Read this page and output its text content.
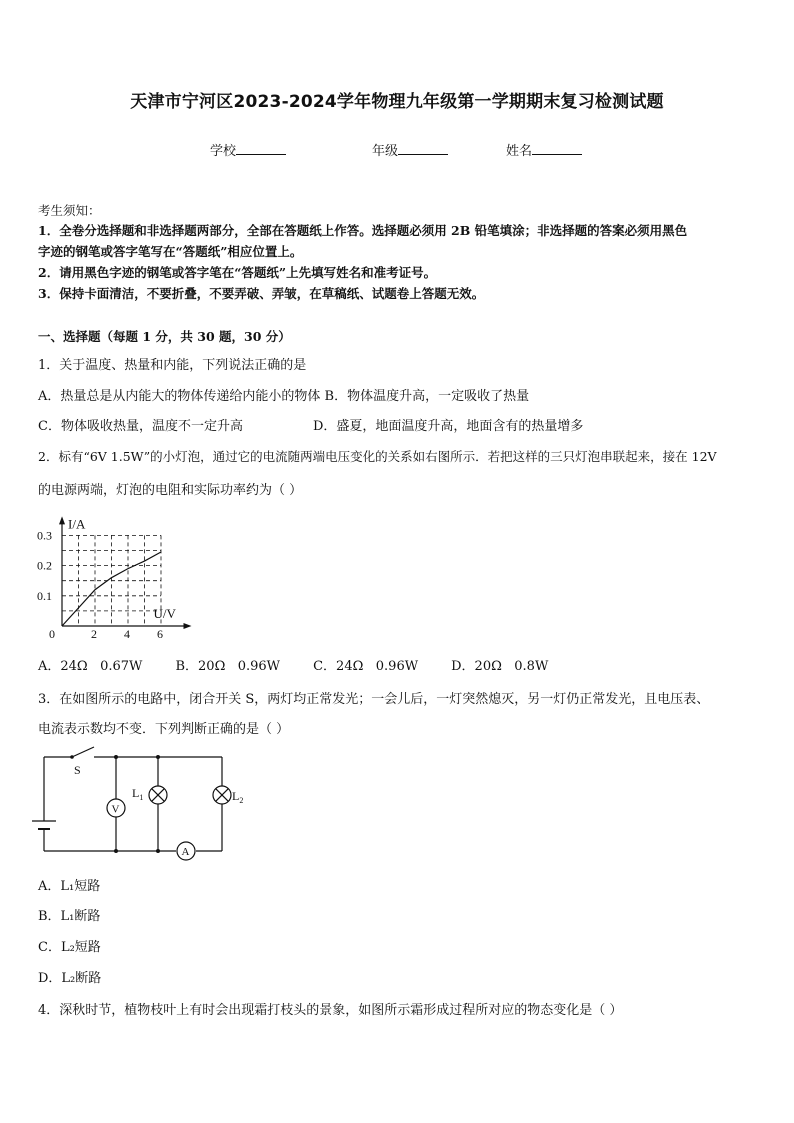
天津市宁河区2023-2024学年物理九年级第一学期期末复习检测试题
学校	年级	姓名
考生须知：
1．全卷分选择题和非选择题两部分，全部在答题纸上作答。选择题必须用 2B 铅笔填涂；非选择题的答案必须用黑色
字迹的钢笔或答字笔写在“答题纸”相应位置上。
2．请用黑色字迹的钢笔或答字笔在“答题纸”上先填写姓名和准考证号。
3．保持卡面清洁，不要折叠，不要弄破、弄皱，在草稿纸、试题卷上答题无效。
一、选择题（每题 1 分，共 30 题，30 分）
1．关于温度、热量和内能，下列说法正确的是
A．热量总是从内能大的物体传递给内能小的物体 B．物体温度升高，一定吸收了热量
C．物体吸收热量，温度不一定升高	D．盛夏，地面温度升高，地面含有的热量增多
2．标有“6V 1.5W”的小灯泡，通过它的电流随两端电压变化的关系如右图所示．若把这样的三只灯泡串联起来，接在 12V
的电源两端，灯泡的电阻和实际功率约为（ ）
2 4 6
0.1
0.2
0.3
0
I/A
U/V
A．24Ω   0.67W        B．20Ω   0.96W        C．24Ω   0.96W        D．20Ω   0.8W
3．在如图所示的电路中，闭合开关 S，两灯均正常发光；一会儿后，一灯突然熄灭，另一灯仍正常发光，且电压表、
电流表示数均不变．下列判断正确的是（ ）
S
V
A
$L_1$	$L_2$
A．L₁短路
B．L₁断路
C．L₂短路
D．L₂断路
4．深秋时节，植物枝叶上有时会出现霜打枝头的景象，如图所示霜形成过程所对应的物态变化是（ ）
